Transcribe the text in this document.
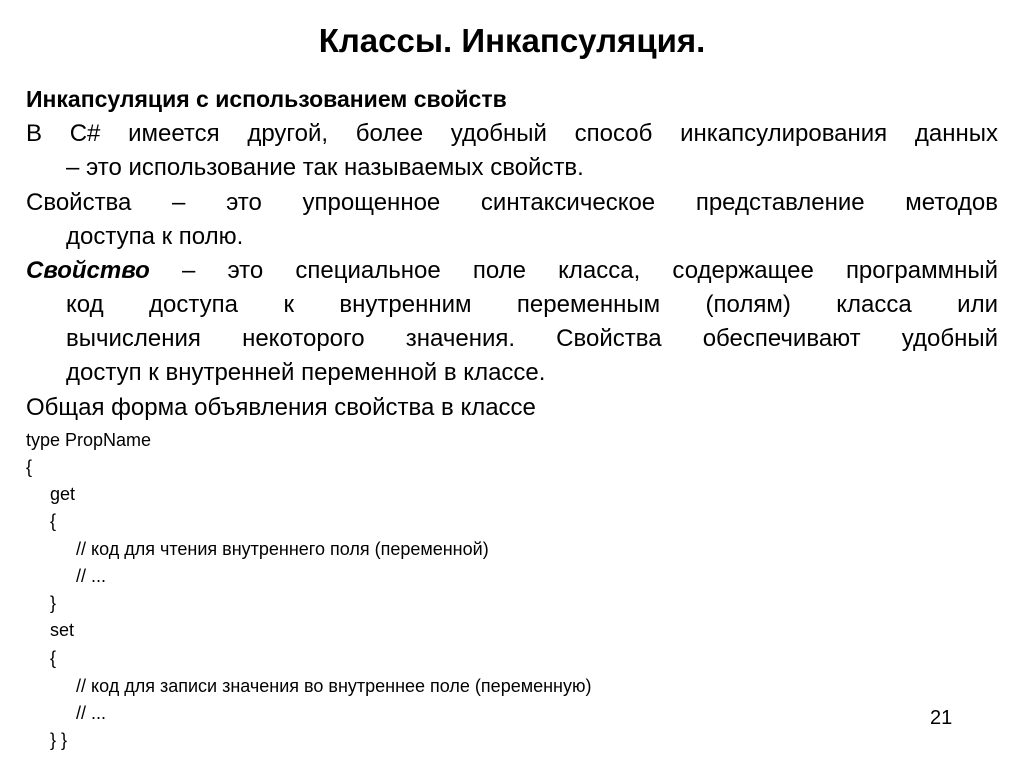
Классы. Инкапсуляция.
Инкапсуляция с использованием свойств
В C# имеется другой, более удобный способ инкапсулирования данных
– это использование так называемых свойств.
Свойства – это упрощенное синтаксическое представление методов
доступа к полю.
Свойство – это специальное поле класса, содержащее программный
код доступа к внутренним переменным (полям) класса или
вычисления некоторого значения. Свойства обеспечивают удобный
доступ к внутренней переменной в классе.
Общая форма объявления свойства в классе
type PropName
{
get
{
// код для чтения внутреннего поля (переменной)
// ...
}
set
{
// код для записи значения во внутреннее поле (переменную)
// ...
} }
21
